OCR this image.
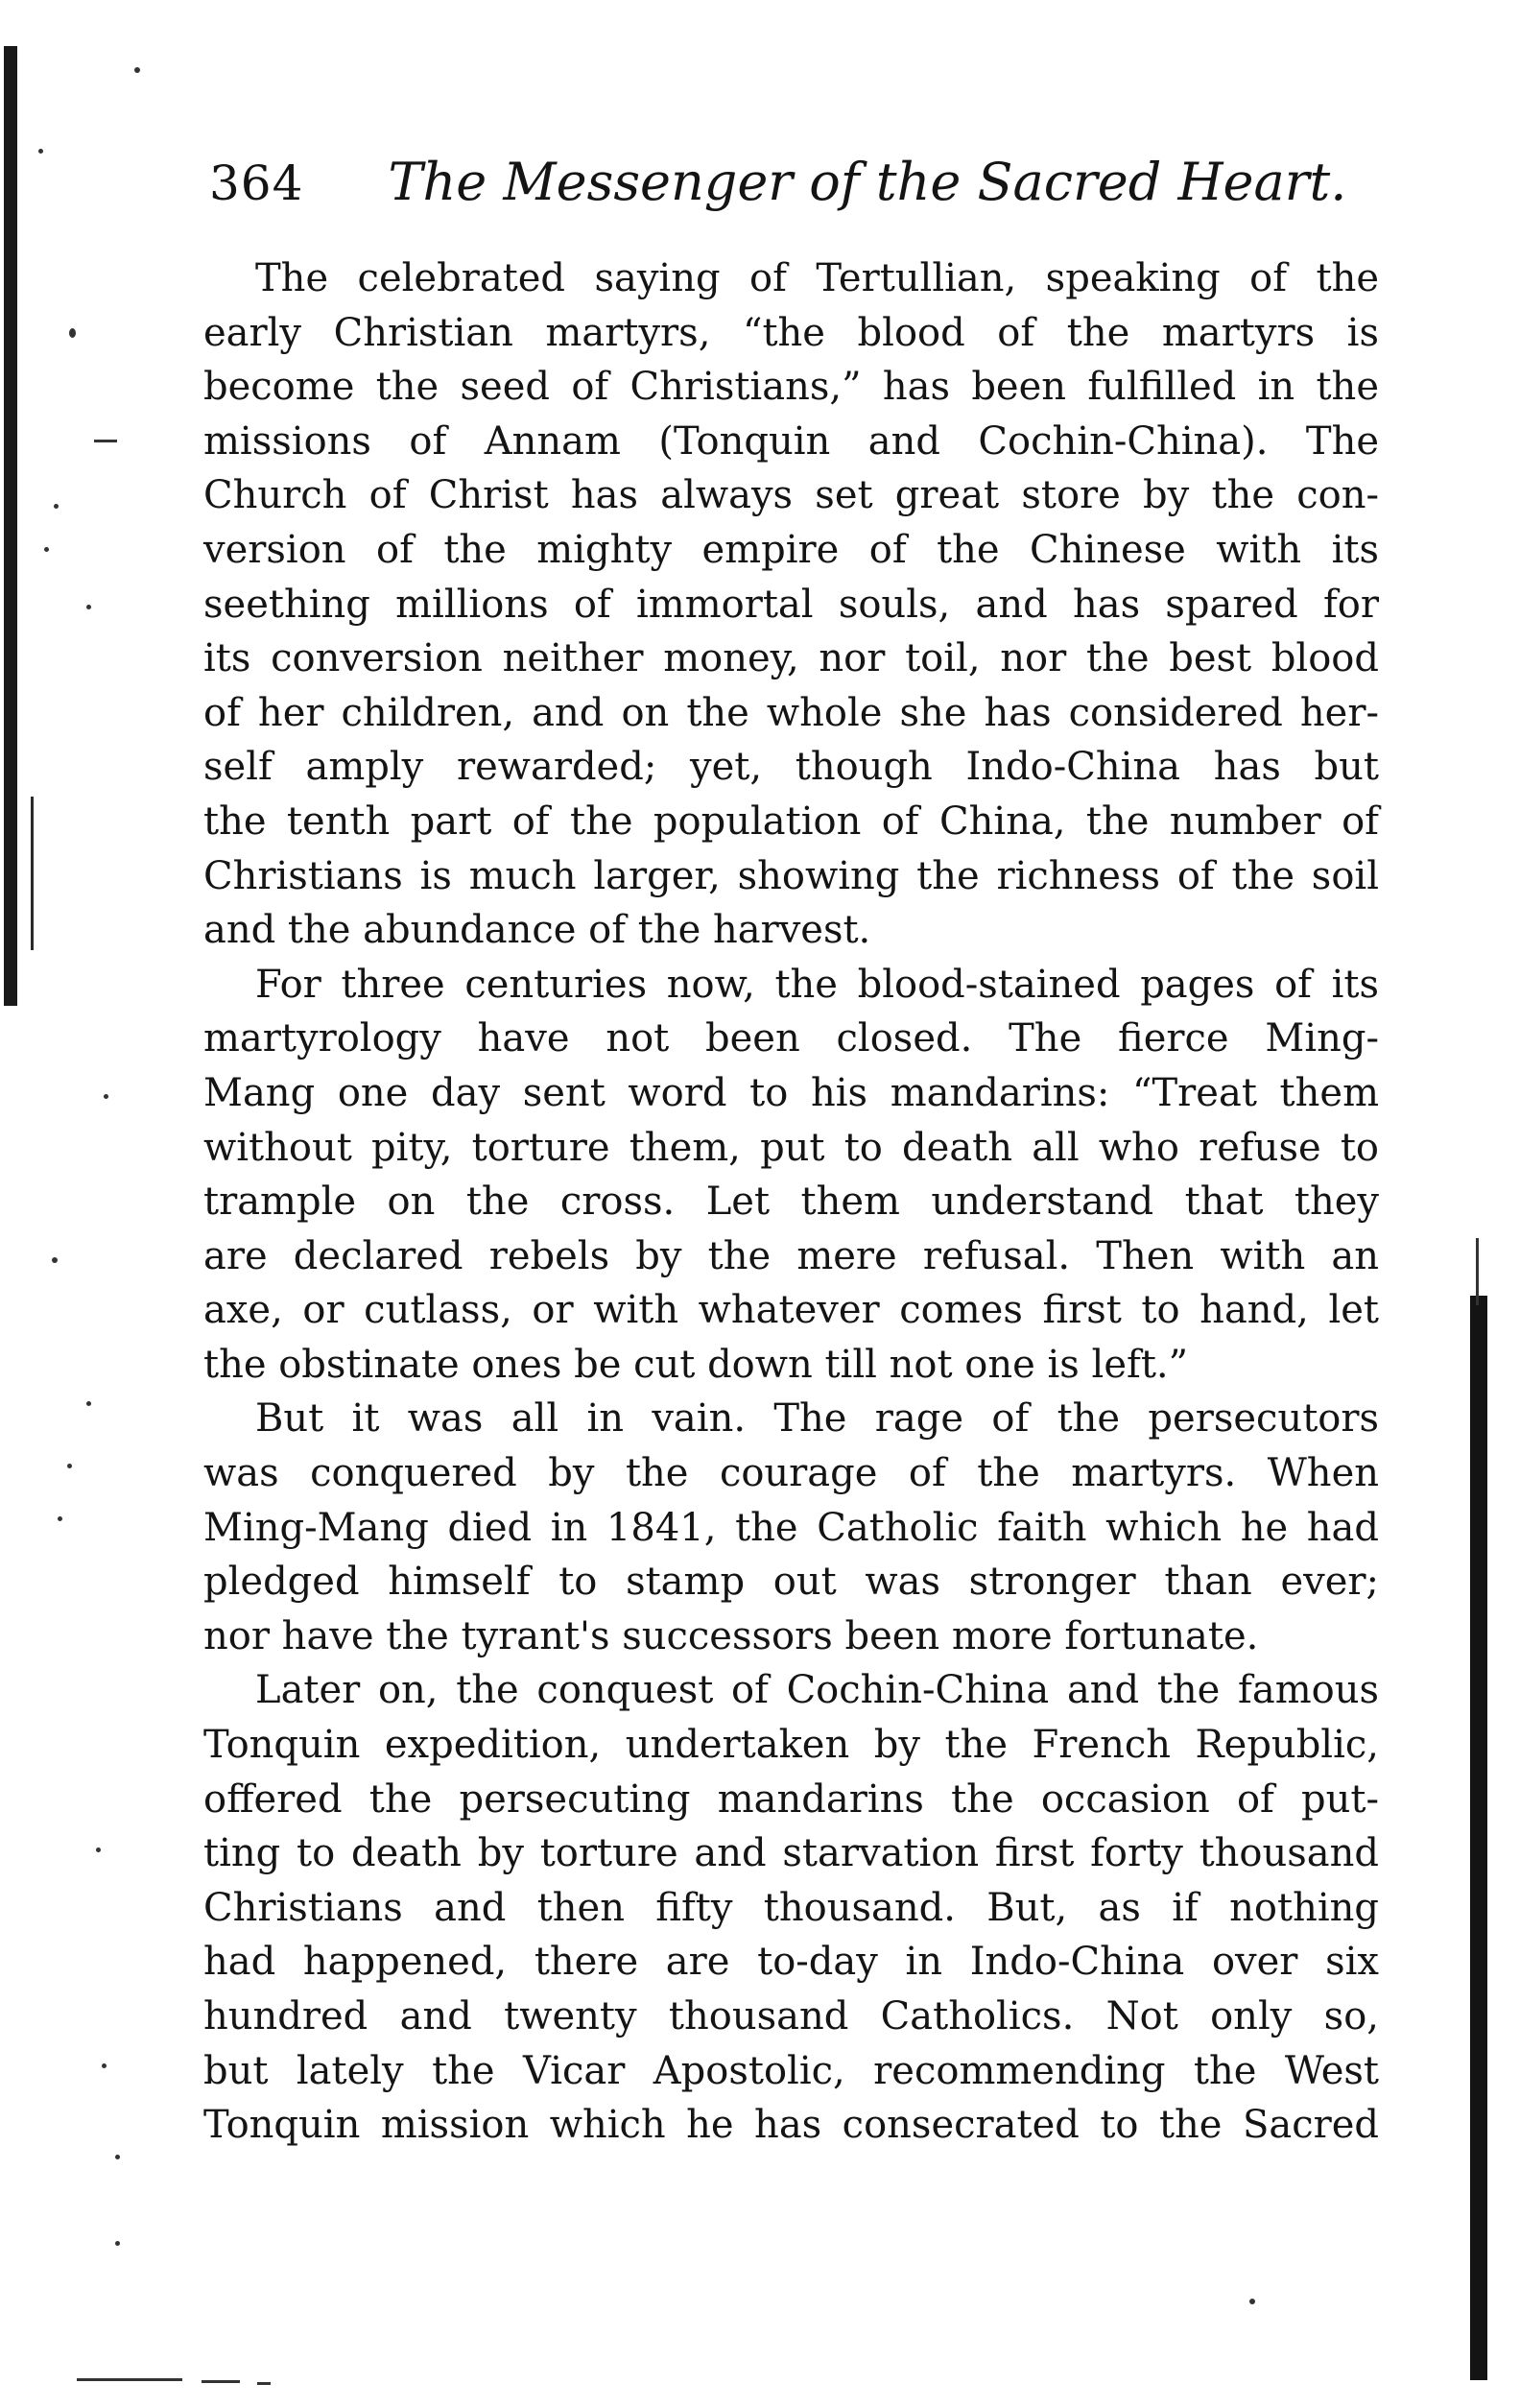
364 The Messenger of the Sacred Heart.
The celebrated saying of Tertullian, speaking of the
early Christian martyrs, “the blood of the martyrs is
become the seed of Christians,” has been fulfilled in the
missions of Annam (Tonquin and Cochin-China). The
Church of Christ has always set great store by the con-
version of the mighty empire of the Chinese with its
seething millions of immortal souls, and has spared for
its conversion neither money, nor toil, nor the best blood
of her children, and on the whole she has considered her-
self amply rewarded; yet, though Indo-China has but
the tenth part of the population of China, the number of
Christians is much larger, showing the richness of the soil
and the abundance of the harvest.
For three centuries now, the blood-stained pages of its
martyrology have not been closed. The fierce Ming-
Mang one day sent word to his mandarins: “Treat them
without pity, torture them, put to death all who refuse to
trample on the cross. Let them understand that they
are declared rebels by the mere refusal. Then with an
axe, or cutlass, or with whatever comes first to hand, let
the obstinate ones be cut down till not one is left.”
But it was all in vain. The rage of the persecutors
was conquered by the courage of the martyrs. When
Ming-Mang died in 1841, the Catholic faith which he had
pledged himself to stamp out was stronger than ever;
nor have the tyrant's successors been more fortunate.
Later on, the conquest of Cochin-China and the famous
Tonquin expedition, undertaken by the French Republic,
offered the persecuting mandarins the occasion of put-
ting to death by torture and starvation first forty thousand
Christians and then fifty thousand. But, as if nothing
had happened, there are to-day in Indo-China over six
hundred and twenty thousand Catholics. Not only so,
but lately the Vicar Apostolic, recommending the West
Tonquin mission which he has consecrated to the Sacred
